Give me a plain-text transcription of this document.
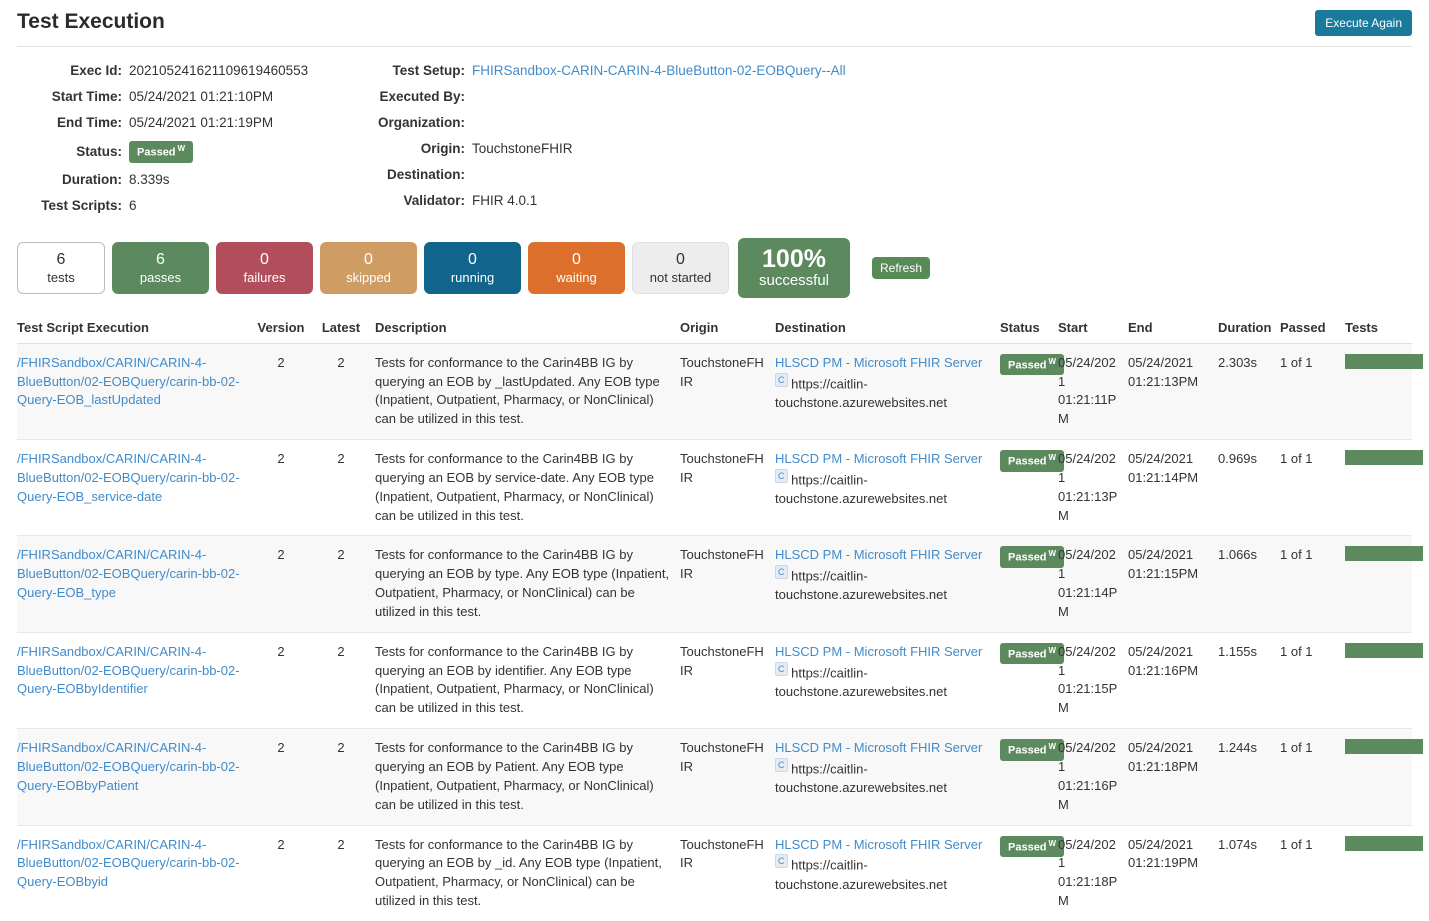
Test Execution	Execute Again
Exec Id: 202105241621109619460553
Start Time: 05/24/2021 01:21:10PM
End Time: 05/24/2021 01:21:19PM
Status:	Passed $^W$
Duration: 8.339s
Test Scripts: 6
Test Setup: FHIRSandbox-CARIN-CARIN-4-BlueButton-02-EOBQuery--All
Executed By:
Organization:
Origin: TouchstoneFHIR
Destination:
Validator: FHIR 4.0.1
6
tests
6
passes
0
failures
0
skipped
0
running
0
waiting
0
not started
100%
successful
Refresh
Test Script Execution	Version	Latest	Description	Origin	Destination	Status	Start	End	Duration	Passed	Tests
/FHIRSandbox/CARIN/CARIN-4-BlueButton/02-EOBQuery/carin-bb-02-Query-EOB_lastUpdated	2	2	Tests for conformance to the Carin4BB IG by querying an EOB by _lastUpdated. Any EOB type (Inpatient, Outpatient, Pharmacy, or NonClinical) can be utilized in this test.	TouchstoneFHIR	HLSCD PM - Microsoft FHIR Server C https://caitlin-touchstone.azurewebsites.net	Passed $^W$	05/24/2021 01:21:11PM	05/24/2021 01:21:13PM	2.303s	1 of 1	

/FHIRSandbox/CARIN/CARIN-4-BlueButton/02-EOBQuery/carin-bb-02-Query-EOB_service-date	2	2	Tests for conformance to the Carin4BB IG by querying an EOB by service-date. Any EOB type (Inpatient, Outpatient, Pharmacy, or NonClinical) can be utilized in this test.	TouchstoneFHIR	HLSCD PM - Microsoft FHIR Server C https://caitlin-touchstone.azurewebsites.net	Passed $^W$	05/24/2021 01:21:13PM	05/24/2021 01:21:14PM	0.969s	1 of 1	

/FHIRSandbox/CARIN/CARIN-4-BlueButton/02-EOBQuery/carin-bb-02-Query-EOB_type	2	2	Tests for conformance to the Carin4BB IG by querying an EOB by type. Any EOB type (Inpatient, Outpatient, Pharmacy, or NonClinical) can be utilized in this test.	TouchstoneFHIR	HLSCD PM - Microsoft FHIR Server C https://caitlin-touchstone.azurewebsites.net	Passed $^W$	05/24/2021 01:21:14PM	05/24/2021 01:21:15PM	1.066s	1 of 1	

/FHIRSandbox/CARIN/CARIN-4-BlueButton/02-EOBQuery/carin-bb-02-Query-EOBbyIdentifier	2	2	Tests for conformance to the Carin4BB IG by querying an EOB by identifier. Any EOB type (Inpatient, Outpatient, Pharmacy, or NonClinical) can be utilized in this test.	TouchstoneFHIR	HLSCD PM - Microsoft FHIR Server C https://caitlin-touchstone.azurewebsites.net	Passed $^W$	05/24/2021 01:21:15PM	05/24/2021 01:21:16PM	1.155s	1 of 1	

/FHIRSandbox/CARIN/CARIN-4-BlueButton/02-EOBQuery/carin-bb-02-Query-EOBbyPatient	2	2	Tests for conformance to the Carin4BB IG by querying an EOB by Patient. Any EOB type (Inpatient, Outpatient, Pharmacy, or NonClinical) can be utilized in this test.	TouchstoneFHIR	HLSCD PM - Microsoft FHIR Server C https://caitlin-touchstone.azurewebsites.net	Passed $^W$	05/24/2021 01:21:16PM	05/24/2021 01:21:18PM	1.244s	1 of 1	

/FHIRSandbox/CARIN/CARIN-4-BlueButton/02-EOBQuery/carin-bb-02-Query-EOBbyid	2	2	Tests for conformance to the Carin4BB IG by querying an EOB by _id. Any EOB type (Inpatient, Outpatient, Pharmacy, or NonClinical) can be utilized in this test.	TouchstoneFHIR	HLSCD PM - Microsoft FHIR Server C https://caitlin-touchstone.azurewebsites.net	Passed $^W$	05/24/2021 01:21:18PM	05/24/2021 01:21:19PM	1.074s	1 of 1	
